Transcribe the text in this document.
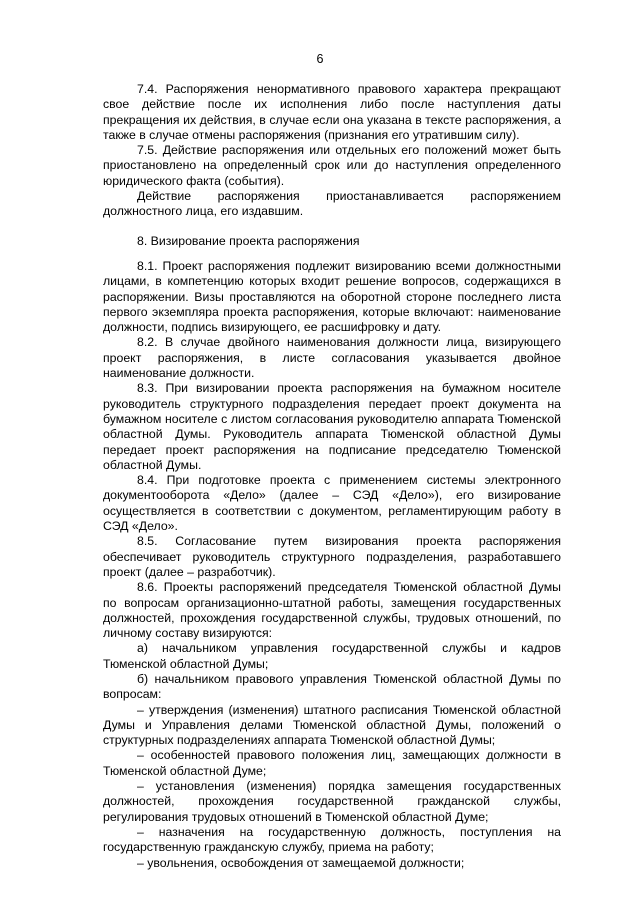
6

7.4. Распоряжения ненормативного правового характера прекращают свое действие после их исполнения либо после наступления даты прекращения их действия, в случае если она указана в тексте распоряжения, а также в случае отмены распоряжения (признания его утратившим силу).

7.5. Действие распоряжения или отдельных его положений может быть приостановлено на определенный срок или до наступления определенного юридического факта (события).

Действие распоряжения приостанавливается распоряжением должностного лица, его издавшим.

8. Визирование проекта распоряжения

8.1. Проект распоряжения подлежит визированию всеми должностными лицами, в компетенцию которых входит решение вопросов, содержащихся в распоряжении. Визы проставляются на оборотной стороне последнего листа первого экземпляра проекта распоряжения, которые включают: наименование должности, подпись визирующего, ее расшифровку и дату.

8.2. В случае двойного наименования должности лица, визирующего проект распоряжения, в листе согласования указывается двойное наименование должности.

8.3. При визировании проекта распоряжения на бумажном носителе руководитель структурного подразделения передает проект документа на бумажном носителе с листом согласования руководителю аппарата Тюменской областной Думы. Руководитель аппарата Тюменской областной Думы передает проект распоряжения на подписание председателю Тюменской областной Думы.

8.4. При подготовке проекта с применением системы электронного документооборота «Дело» (далее – СЭД «Дело»), его визирование осуществляется в соответствии с документом, регламентирующим работу в СЭД «Дело».

8.5. Согласование путем визирования проекта распоряжения обеспечивает руководитель структурного подразделения, разработавшего проект (далее – разработчик).

8.6. Проекты распоряжений председателя Тюменской областной Думы по вопросам организационно-штатной работы, замещения государственных должностей, прохождения государственной службы, трудовых отношений, по личному составу визируются:

а) начальником управления государственной службы и кадров Тюменской областной Думы;

б) начальником правового управления Тюменской областной Думы по вопросам:

– утверждения (изменения) штатного расписания Тюменской областной Думы и Управления делами Тюменской областной Думы, положений о структурных подразделениях аппарата Тюменской областной Думы;

– особенностей правового положения лиц, замещающих должности в Тюменской областной Думе;

– установления (изменения) порядка замещения государственных должностей, прохождения государственной гражданской службы, регулирования трудовых отношений в Тюменской областной Думе;

– назначения на государственную должность, поступления на государственную гражданскую службу, приема на работу;

– увольнения, освобождения от замещаемой должности;
